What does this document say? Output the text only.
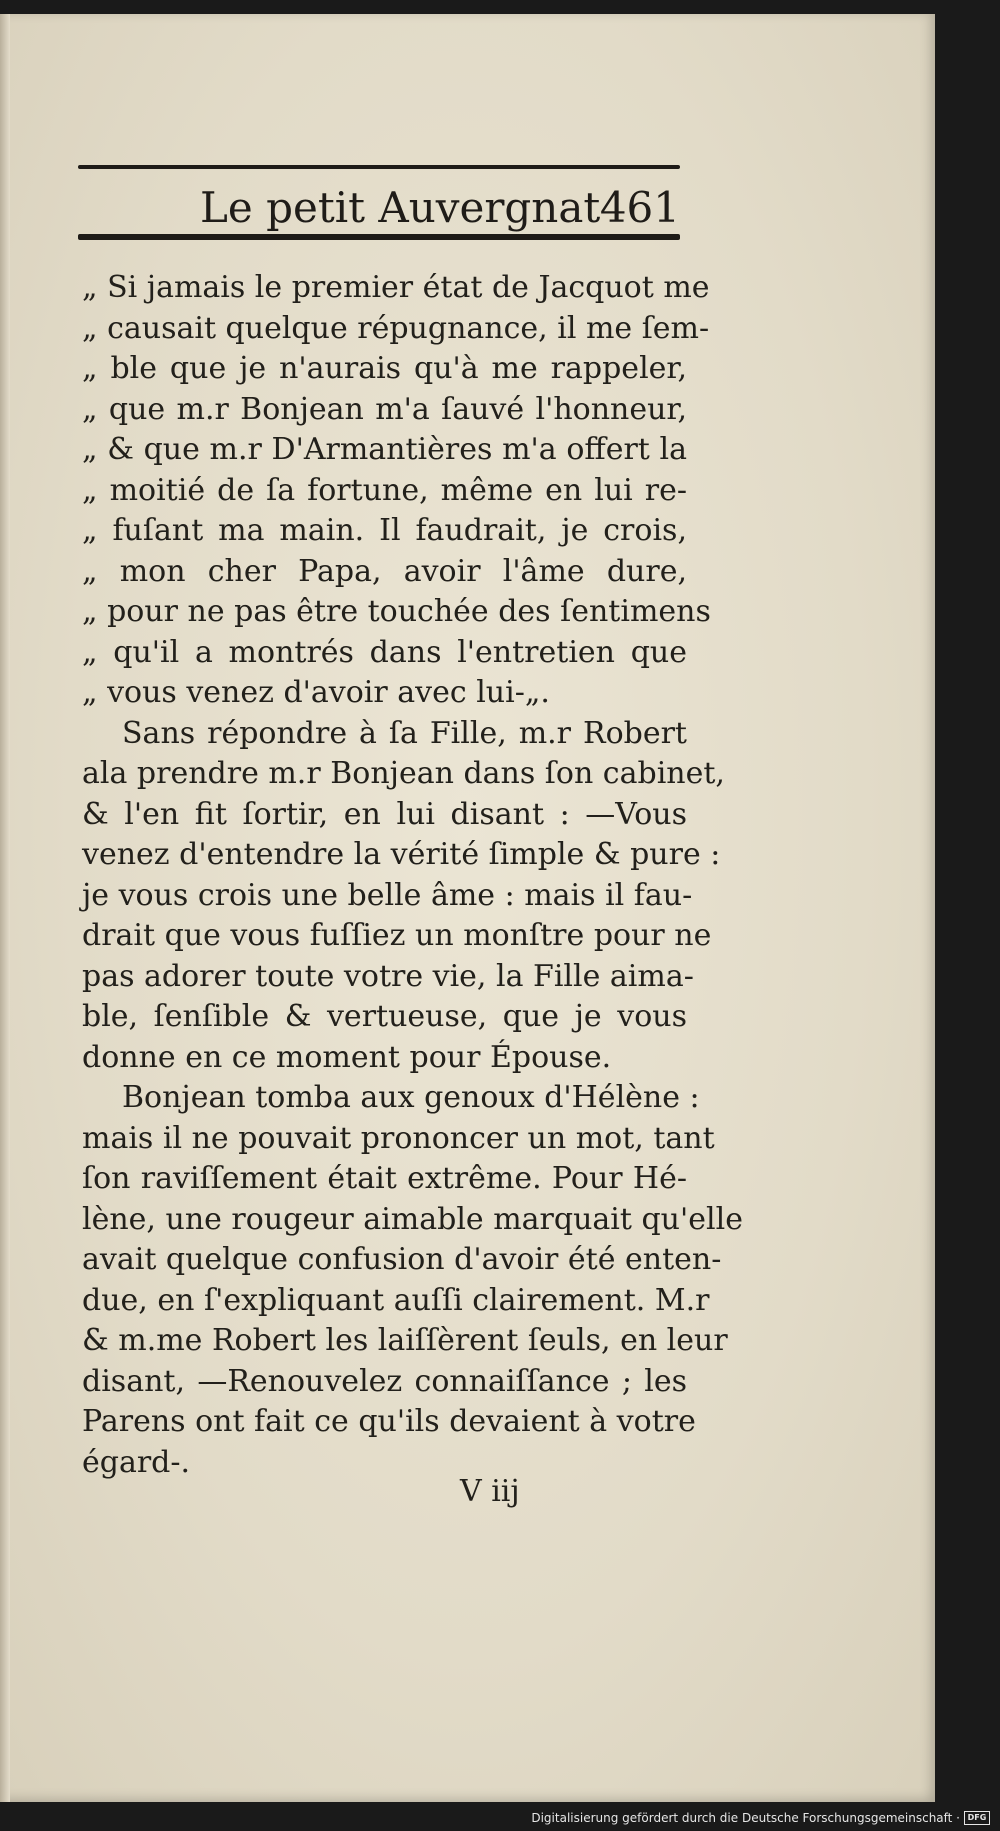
Le petit Auvergnat 461
„ Si jamais le premier état de Jacquot me
„ causait quelque répugnance, il me ſem-
„ ble que je n'aurais qu'à me rappeler,
„ que m.r Bonjean m'a ſauvé l'honneur,
„ & que m.r D'Armantières m'a offert la
„ moitié de ſa fortune, même en lui re-
„ fuſant ma main. Il faudrait, je crois,
„ mon cher Papa, avoir l'âme dure,
„ pour ne pas être touchée des ſentimens
„ qu'il a montrés dans l'entretien que
„ vous venez d'avoir avec lui-„.
Sans répondre à ſa Fille, m.r Robert
ala prendre m.r Bonjean dans ſon cabinet,
& l'en fit ſortir, en lui disant : —Vous
venez d'entendre la vérité ſimple & pure :
je vous crois une belle âme : mais il fau-
drait que vous fuſſiez un monſtre pour ne
pas adorer toute votre vie, la Fille aima-
ble, ſenſible & vertueuse, que je vous
donne en ce moment pour Épouse.
Bonjean tomba aux genoux d'Hélène :
mais il ne pouvait prononcer un mot, tant
ſon raviſſement était extrême. Pour Hé-
lène, une rougeur aimable marquait qu'elle
avait quelque confusion d'avoir été enten-
due, en ſ'expliquant auſſi clairement. M.r
& m.me Robert les laiſſèrent ſeuls, en leur
disant, —Renouvelez connaiſſance ; les
Parens ont fait ce qu'ils devaient à votre
égard-.
V iij
Digitalisierung gefördert durch die Deutsche Forschungsgemeinschaft · DFG
